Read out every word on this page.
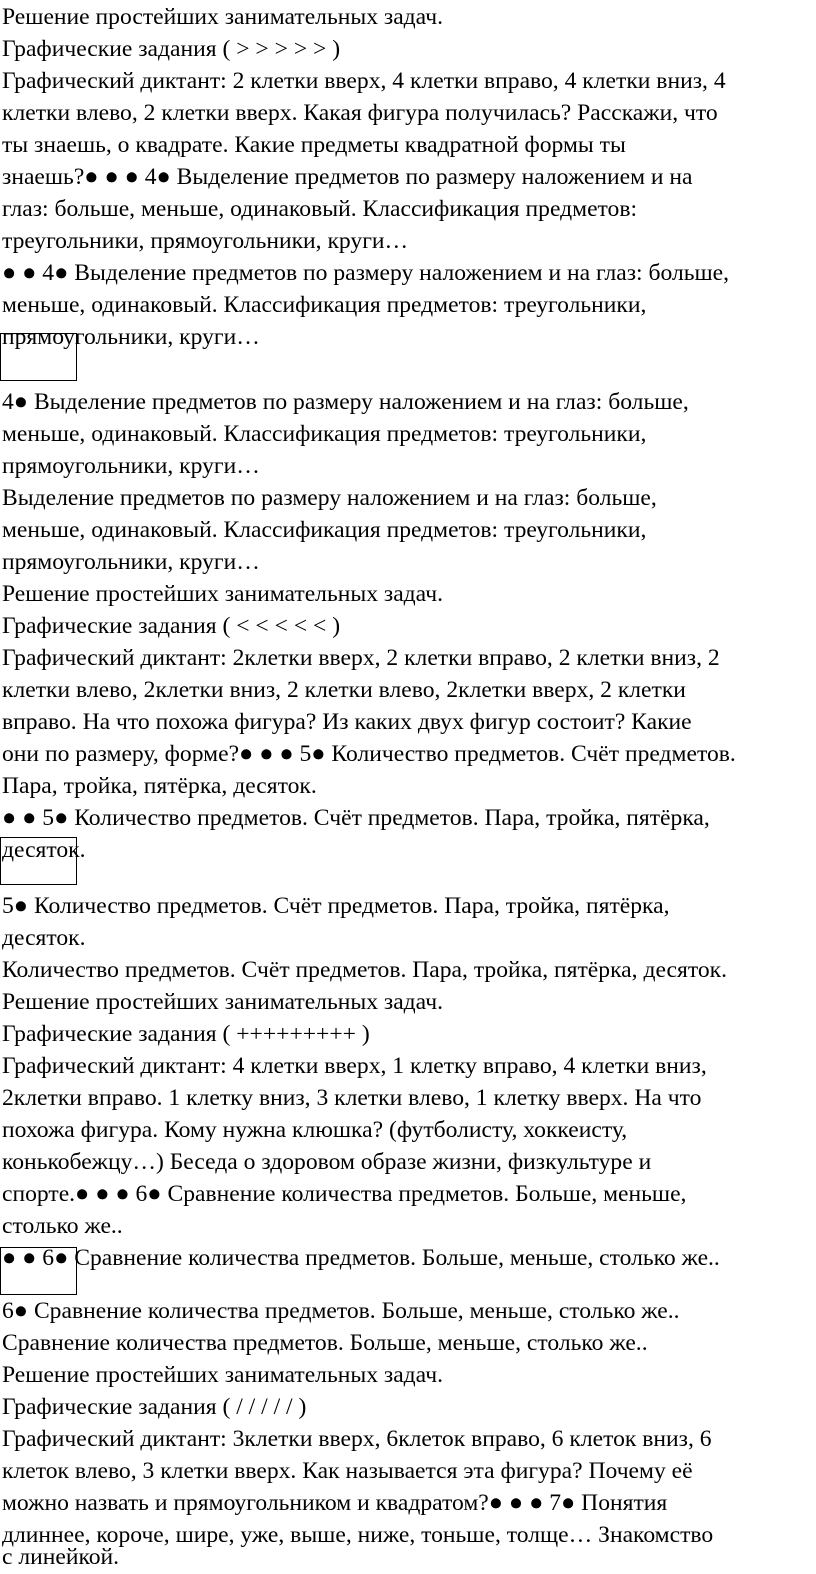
Решение простейших занимательных задач.
Графические задания ( > > > > > )
Графический диктант: 2 клетки вверх, 4 клетки вправо, 4 клетки вниз, 4
клетки влево, 2 клетки вверх. Какая фигура получилась? Расскажи, что
ты знаешь, о квадрате. Какие предметы квадратной формы ты
знаешь?● ● ● 4● Выделение предметов по размеру наложением и на
глаз: больше, меньше, одинаковый. Классификация предметов:
треугольники, прямоугольники, круги…
● ● 4● Выделение предметов по размеру наложением и на глаз: больше,
меньше, одинаковый. Классификация предметов: треугольники,
прямоугольники, круги…
4● Выделение предметов по размеру наложением и на глаз: больше,
меньше, одинаковый. Классификация предметов: треугольники,
прямоугольники, круги…
Выделение предметов по размеру наложением и на глаз: больше,
меньше, одинаковый. Классификация предметов: треугольники,
прямоугольники, круги…
Решение простейших занимательных задач.
Графические задания ( < < < < < )
Графический диктант: 2клетки вверх, 2 клетки вправо, 2 клетки вниз, 2
клетки влево, 2клетки вниз, 2 клетки влево, 2клетки вверх, 2 клетки
вправо. На что похожа фигура? Из каких двух фигур состоит? Какие
они по размеру, форме?● ● ● 5● Количество предметов. Счёт предметов.
Пара, тройка, пятёрка, десяток.
● ● 5● Количество предметов. Счёт предметов. Пара, тройка, пятёрка,
десяток.
5● Количество предметов. Счёт предметов. Пара, тройка, пятёрка,
десяток.
Количество предметов. Счёт предметов. Пара, тройка, пятёрка, десяток.
Решение простейших занимательных задач.
Графические задания ( +++++++++ )
Графический диктант: 4 клетки вверх, 1 клетку вправо, 4 клетки вниз,
2клетки вправо. 1 клетку вниз, 3 клетки влево, 1 клетку вверх. На что
похожа фигура. Кому нужна клюшка? (футболисту, хоккеисту,
конькобежцу…) Беседа о здоровом образе жизни, физкультуре и
спорте.● ● ● 6● Сравнение количества предметов. Больше, меньше,
столько же..
● ● 6● Сравнение количества предметов. Больше, меньше, столько же..
6● Сравнение количества предметов. Больше, меньше, столько же..
Сравнение количества предметов. Больше, меньше, столько же..
Решение простейших занимательных задач.
Графические задания ( / / / / / )
Графический диктант: 3клетки вверх, 6клеток вправо, 6 клеток вниз, 6
клеток влево, 3 клетки вверх. Как называется эта фигура? Почему её
можно назвать и прямоугольником и квадратом?● ● ● 7● Понятия
длиннее, короче, шире, уже, выше, ниже, тоньше, толще… Знакомство
с линейкой.
